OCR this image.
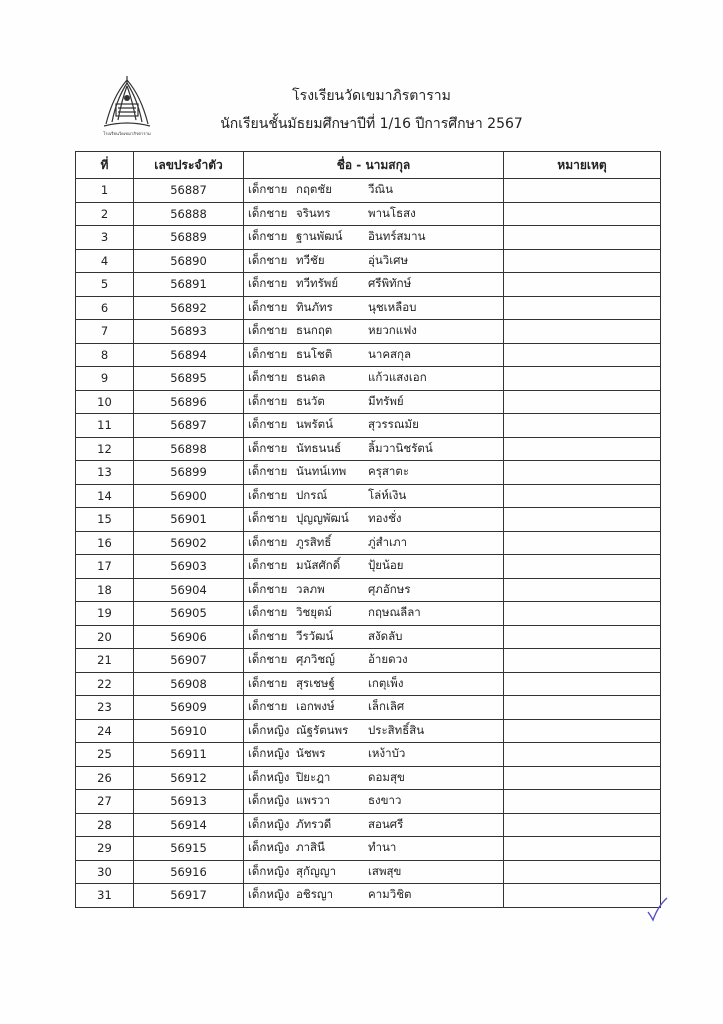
โรงเรียนวัดเขมาภิรตาราม
โรงเรียนวัดเขมาภิรตาราม
นักเรียนชั้นมัธยมศึกษาปีที่ 1/16 ปีการศึกษา 2567
ที่	เลขประจำตัว	ชื่อ - นามสกุล	หมายเหตุ
1	56887	เด็กชาย กฤตชัย วีณิน	
2	56888	เด็กชาย จรินทร พานโธสง	
3	56889	เด็กชาย ฐานพัฒน์ อินทร์สมาน	
4	56890	เด็กชาย ทวีชัย อุ่นวิเศษ	
5	56891	เด็กชาย ทวีทรัพย์ ศรีพิทักษ์	
6	56892	เด็กชาย ทินภัทร นุชเหลือบ	
7	56893	เด็กชาย ธนกฤต หยวกแฟง	
8	56894	เด็กชาย ธนโชติ นาคสกุล	
9	56895	เด็กชาย ธนดล แก้วแสงเอก	
10	56896	เด็กชาย ธนวัต มีทรัพย์	
11	56897	เด็กชาย นพรัตน์ สุวรรณมัย	
12	56898	เด็กชาย นัทธนนธ์ ลิ้มวานิชรัตน์	
13	56899	เด็กชาย นันทน์เทพ ครุสาตะ	
14	56900	เด็กชาย ปกรณ์ โล่ห์เงิน	
15	56901	เด็กชาย ปุญญพัฒน์ ทองชั่ง	
16	56902	เด็กชาย ภูรสิทธิ์ ภู่สำเภา	
17	56903	เด็กชาย มนัสศักดิ์ ปุ้ยน้อย	
18	56904	เด็กชาย วลภพ ศุภอักษร	
19	56905	เด็กชาย วิชยุตม์ กฤษณลีลา	
20	56906	เด็กชาย วีรวัฒน์ สงัดลับ	
21	56907	เด็กชาย ศุภวิชญ์ อ้ายดวง	
22	56908	เด็กชาย สุรเชษฐ์ เกตุเพ็ง	
23	56909	เด็กชาย เอกพงษ์ เล็กเลิศ	
24	56910	เด็กหญิง ณัฐรัตนพร ประสิทธิ์สิน	
25	56911	เด็กหญิง นัชพร เหง้าบัว	
26	56912	เด็กหญิง ปิยะฎา ดอมสุข	
27	56913	เด็กหญิง แพรวา ธงขาว	
28	56914	เด็กหญิง ภัทรวดี สอนศรี	
29	56915	เด็กหญิง ภาสินี ทำนา	
30	56916	เด็กหญิง สุกัญญา เสพสุข	
31	56917	เด็กหญิง อชิรญา คามวิชิต	
